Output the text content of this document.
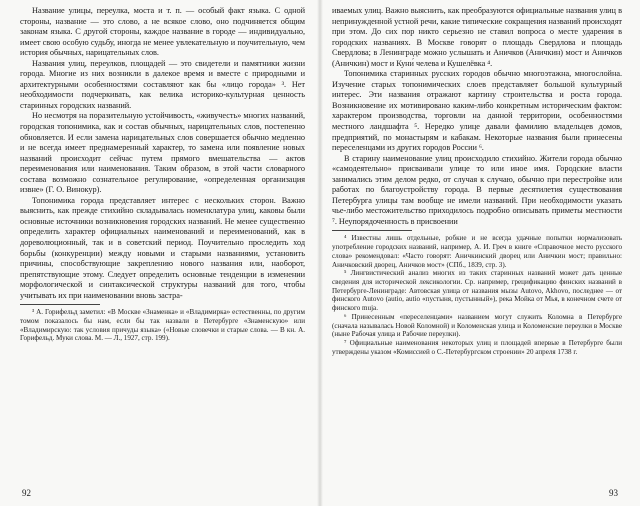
Название улицы, переулка, моста и т. п. — особый факт языка. С одной стороны, название — это слово, а не всякое слово, оно подчиняется общим законам языка. С другой стороны, каждое название в городе — индивидуально, имеет свою особую судьбу, иногда не менее увлекательную и поучительную, чем история обычных, нарицательных слов.

Названия улиц, переулков, площадей — это свидетели и памятники жизни города. Многие из них возникли в далекое время и вместе с природными и архитектурными особенностями составляют как бы «лицо города» ³. Нет необходимости подчеркивать, как велика историко-культурная ценность старинных городских названий.

Но несмотря на поразительную устойчивость, «живучесть» многих названий, городская топонимика, как и состав обычных, нарицательных слов, постепенно обновляется. И если замена нарицательных слов совершается обычно медленно и не всегда имеет преднамеренный характер, то замена или появление новых названий происходит сейчас путем прямого вмешательства — актов переименования или наименования. Таким образом, в этой части словарного состава возможно сознательное регулирование, «определенная организация извне» (Г. О. Винокур).

Топонимика города представляет интерес с нескольких сторон. Важно выяснить, как прежде стихийно складывалась номенклатура улиц, каковы были основные источники возникновения городских названий. Не менее существенно определить характер официальных наименований и переименований, как в дореволюционный, так и в советский период. Поучительно проследить ход борьбы (конкуренции) между новыми и старыми названиями, установить причины, способствующие закреплению нового названия или, наоборот, препятствующие этому. Следует определить основные тенденции в изменении морфологической и синтаксической структуры названий для того, чтобы учитывать их при наименовании вновь застра-

³ А. Горифельд заметил: «В Москве «Знаменка» и «Владимирка» естественны, по другим томом показалось бы нам, если бы так назвали в Петербурге «Знаменскую» или «Владимирскую: так условия причуды языка» («Новые словечки и старые слова. — В кн. А. Горифельд. Муки слова. М. — Л., 1927, стр. 199).

92

иваемых улиц. Важно выяснить, как преобразуются официальные названия улиц в непринужденной устной речи, какие типические сокращения названий происходят при этом. До сих пор никто серьезно не ставил вопроса о месте ударения в городских названиях. В Москве говорят о площадь Свердлова и площадь Свердлова; в Ленинграде можно услышать и Аничков (Аничкин) мост и Аничков (Аничкин) мост и Куни́ челева и Кушелёвка ⁴.

Топонимика старинных русских городов обычно многоэтажна, многослойна. Изучение старых топонимических слоев представляет большой культурный интерес. Эти названия отражают картину строительства и роста города. Возникновение их мотивировано каким-либо конкретным историческим фактом: характером производства, торговли на данной территории, особенностями местного ландшафта ⁵. Нередко улице давали фамилию владельцев домов, предприятий, по монастырям и кабакам. Некоторые названия были принесены переселенцами из других городов России ⁶.

В старину наименование улиц происходило стихийно. Жители города обычно «самодеятельно» присваивали улице то или иное имя. Городские власти занимались этим делом редко, от случая к случаю, обычно при перестройке или работах по благоустройству города. В первые десятилетия существования Петербурга улицы там вообще не имели названий. При необходимости указать чье-либо местожительство приходилось подробно описывать приметы местности ⁷. Неупорядоченность в присвоении

⁴ Известны лишь отдельные, робкие и не всегда удачные попытки нормализовать употребление городских названий, например, А. И. Греч в книге «Справочное место русского слова» рекомендовал: «Часто говорят: Аничкинский дворец или Аничкин мост; правильно: Аничковский дворец, Аничков мост» (СПб., 1839, стр. 3).

⁵ Лингвистический анализ многих из таких старинных названий может дать ценные сведения для исторической лексикологии. Ср. например, грецификацию финских названий в Петербурге-Ленинграде: Автовская улица от названия мызы Autovo, Akhovo, последнее — от финского Autovo (autio, autio «пустыня, пустынный»), река Мойка от Мья, в конечном счете от финского muja.

⁶ Принесенным «переселенцами» названием могут служить Коломна в Петербурге (сначала называлась Новой Коломной) и Коломенская улица и Коломенские переулки в Москве (ныне Рабочая улица и Рабочие переулки).

⁷ Официальные наименования некоторых улиц и площадей впервые в Петербурге были утверждены указом «Комиссией о С.-Петербургском строении» 20 апреля 1738 г.

93
